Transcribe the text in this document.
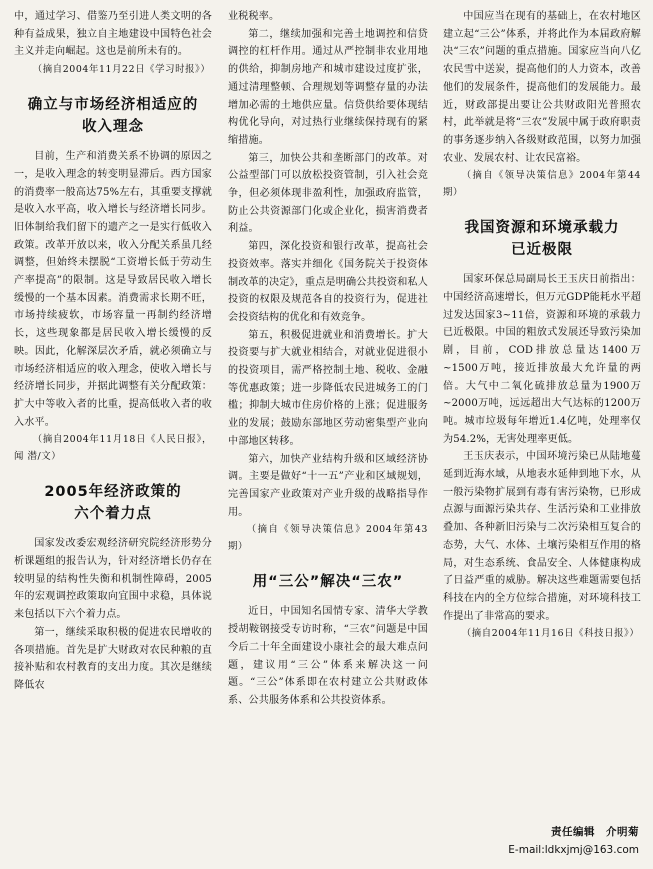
中，通过学习、借鉴乃至引进人类文明的各种有益成果，独立自主地建设中国特色社会主义并走向崛起。这也是前所未有的。

（摘自2004年11月22日《学习时报》）

确立与市场经济相适应的
收入理念

目前，生产和消费关系不协调的原因之一，是收入理念的转变明显滞后。西方国家的消费率一般高达75%左右，其重要支撑就是收入水平高，收入增长与经济增长同步。旧体制给我们留下的遗产之一是实行低收入政策。改革开放以来，收入分配关系虽几经调整，但始终未摆脱“工资增长低于劳动生产率提高”的限制。这是导致居民收入增长缓慢的一个基本因素。消费需求长期不旺，市场持续疲软，市场容量一再制约经济增长，这些现象都是居民收入增长缓慢的反映。因此，化解深层次矛盾，就必须确立与市场经济相适应的收入理念，使收入增长与经济增长同步，并据此调整有关分配政策：扩大中等收入者的比重，提高低收入者的收入水平。

（摘自2004年11月18日《人民日报》，闻 潜/文）

2005年经济政策的
六个着力点

国家发改委宏观经济研究院经济形势分析课题组的报告认为，针对经济增长仍存在较明显的结构性失衡和机制性障碍，2005年的宏观调控政策取向宜围中求稳，具体说来包括以下六个着力点。

第一，继续采取积极的促进农民增收的各项措施。首先是扩大财政对农民种粮的直接补贴和农村教育的支出力度。其次是继续降低农

业税税率。

第二，继续加强和完善土地调控和信贷调控的杠杆作用。通过从严控制非农业用地的供给，抑制房地产和城市建设过度扩张，通过清理整顿、合理规划等调整存量的办法增加必需的土地供应量。信贷供给要体现结构优化导向，对过热行业继续保持现有的紧缩措施。

第三，加快公共和垄断部门的改革。对公益型部门可以放松投资管制，引入社会竞争，但必须体现非盈利性，加强政府监管，防止公共资源部门化或企业化，损害消费者利益。

第四，深化投资和银行改革，提高社会投资效率。落实并细化《国务院关于投资体制改革的决定》，重点是明确公共投资和私人投资的权限及规范各自的投资行为，促进社会投资结构的优化和有效竞争。

第五，积极促进就业和消费增长。扩大投资要与扩大就业相结合，对就业促进很小的投资项目，需严格控制土地、税收、金融等优惠政策；进一步降低农民进城务工的门槛；抑制大城市住房价格的上涨；促进服务业的发展；鼓励东部地区劳动密集型产业向中部地区转移。

第六，加快产业结构升级和区域经济协调。主要是做好“十一五”产业和区域规划，完善国家产业政策对产业升级的战略指导作用。

（摘自《领导决策信息》2004年第43期）

用“三公”解决“三农”

近日，中国知名国情专家、清华大学教授胡鞍钢接受专访时称，“三农”问题是中国今后二十年全面建设小康社会的最大难点问题，建议用“三公”体系来解决这一问题。“三公”体系即在农村建立公共财政体系、公共服务体系和公共投资体系。

中国应当在现有的基础上，在农村地区建立起“三公”体系，并将此作为本届政府解决“三农”问题的重点措施。国家应当向八亿农民雪中送炭，提高他们的人力资本，改善他们的发展条件，提高他们的发展能力。最近，财政部提出要让公共财政阳光普照农村，此举就是将“三农”发展中属于政府职责的事务逐步纳入各级财政范围，以努力加强农业、发展农村、让农民富裕。

（摘自《领导决策信息》2004年第44期）

我国资源和环境承载力
已近极限

国家环保总局副局长王玉庆日前指出：中国经济高速增长，但万元GDP能耗水平超过发达国家3~11倍，资源和环境的承载力已近极限。中国的粗放式发展还导致污染加剧，目前，COD排放总量达1400万~1500万吨，接近排放最大允许量的两倍。大气中二氧化硫排放总量为1900万~2000万吨，远远超出大气达标的1200万吨。城市垃圾每年增近1.4亿吨，处理率仅为54.2%，无害处理率更低。

王玉庆表示，中国环境污染已从陆地蔓延到近海水域，从地表水延伸到地下水，从一般污染物扩展到有毒有害污染物，已形成点源与面源污染共存、生活污染和工业排放叠加、各种新旧污染与二次污染相互复合的态势，大气、水体、土壤污染相互作用的格局，对生态系统、食品安全、人体健康构成了日益严重的威胁。解决这些难题需要包括科技在内的全方位综合措施，对环境科技工作提出了非常高的要求。

（摘自2004年11月16日《科技日报》）

责任编辑　介明菊
E-mail:ldkxjmj@163.com
